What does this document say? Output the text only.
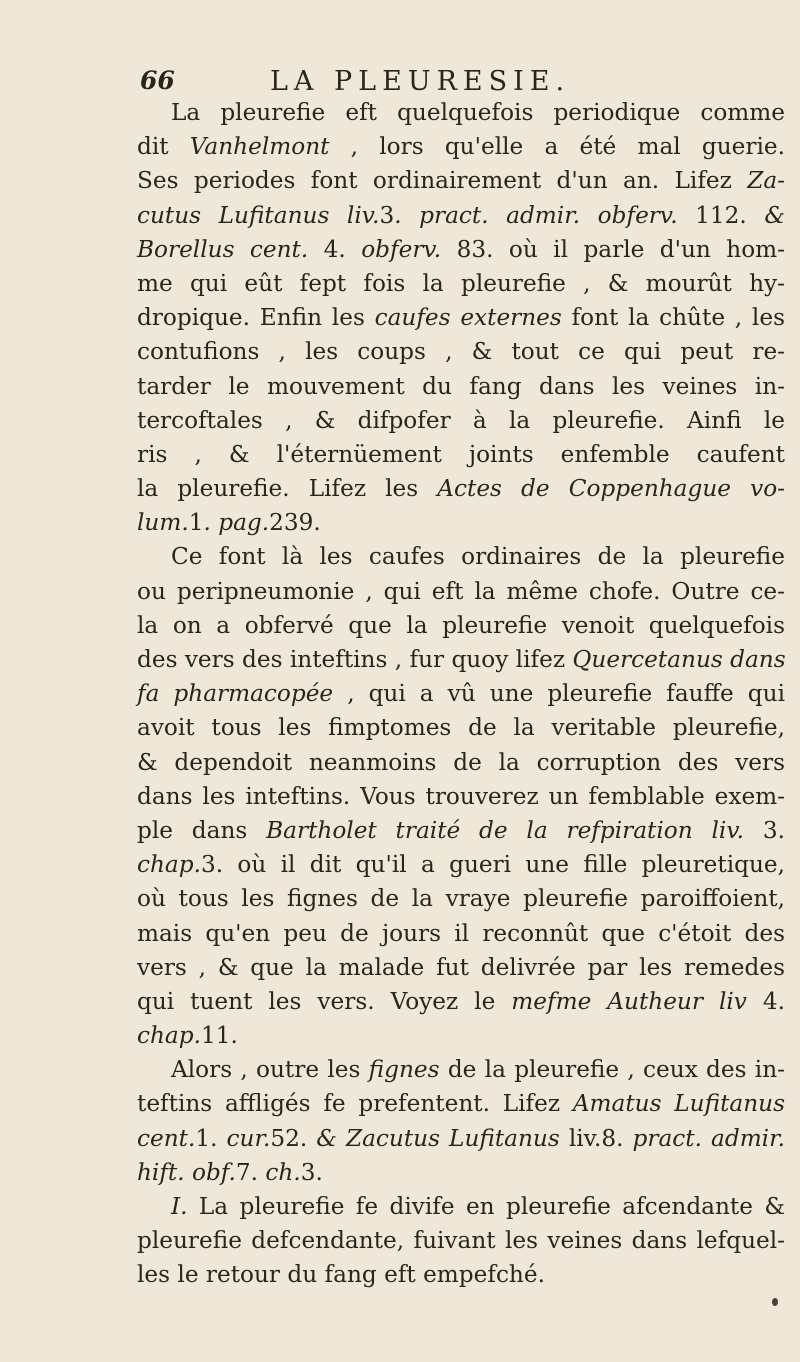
66	LA PLEURESIE.
La pleurefie eft quelquefois periodique comme
dit Vanhelmont , lors qu'elle a été mal guerie.
Ses periodes font ordinairement d'un an. Lifez Za-
cutus Lufitanus liv.3. pract. admir. obferv. 112. &
Borellus cent. 4. obferv. 83. où il parle d'un hom-
me qui eût fept fois la pleurefie , & mourût hy-
dropique. Enfin les caufes externes font la chûte , les
contufions , les coups , & tout ce qui peut re-
tarder le mouvement du fang dans les veines in-
tercoftales , & difpofer à la pleurefie. Ainfi le
ris , & l'éternüement joints enfemble caufent
la pleurefie. Lifez les Actes de Coppenhague vo-
lum.1. pag.239.
Ce font là les caufes ordinaires de la pleurefie
ou peripneumonie , qui eft la même chofe. Outre ce-
la on a obfervé que la pleurefie venoit quelquefois
des vers des inteftins , fur quoy lifez Quercetanus dans
fa pharmacopée , qui a vû une pleurefie fauffe qui
avoit tous les fimptomes de la veritable pleurefie,
& dependoit neanmoins de la corruption des vers
dans les inteftins. Vous trouverez un femblable exem-
ple dans Bartholet traité de la refpiration liv. 3.
chap.3. où il dit qu'il a gueri une fille pleuretique,
où tous les fignes de la vraye pleurefie paroiffoient,
mais qu'en peu de jours il reconnût que c'étoit des
vers , & que la malade fut delivrée par les remedes
qui tuent les vers. Voyez le mefme Autheur liv 4.
chap.11.
Alors , outre les fignes de la pleurefie , ceux des in-
teftins affligés fe prefentent. Lifez Amatus Lufitanus
cent.1. cur.52. & Zacutus Lufitanus liv.8. pract. admir.
hift. obf.7. ch.3.
I. La pleurefie fe divife en pleurefie afcendante &
pleurefie defcendante, fuivant les veines dans lefquel-
les le retour du fang eft empefché.
